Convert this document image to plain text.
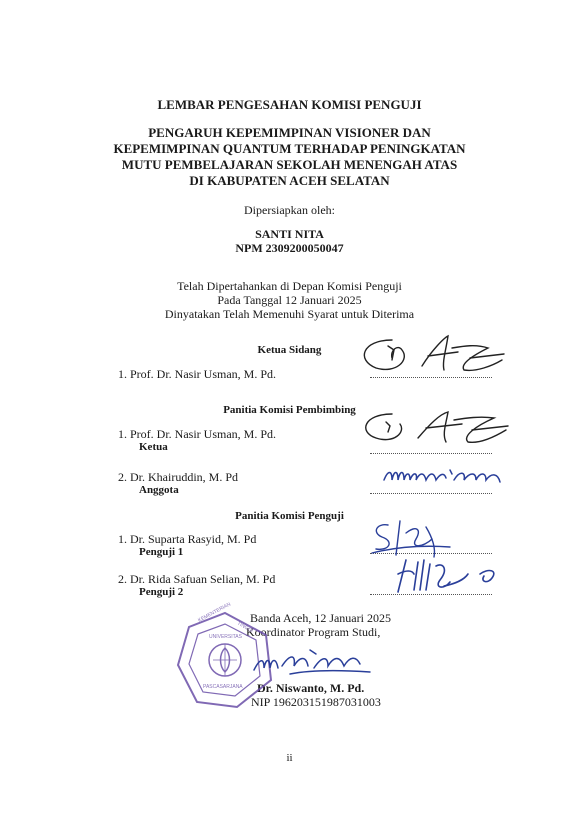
LEMBAR PENGESAHAN KOMISI PENGUJI
PENGARUH KEPEMIMPINAN VISIONER DAN
KEPEMIMPINAN QUANTUM TERHADAP PENINGKATAN
MUTU PEMBELAJARAN SEKOLAH MENENGAH ATAS
DI KABUPATEN ACEH SELATAN
Dipersiapkan oleh:
SANTI NITA
NPM 2309200050047
Telah Dipertahankan di Depan Komisi Penguji
Pada Tanggal 12 Januari 2025
Dinyatakan Telah Memenuhi Syarat untuk Diterima
Ketua Sidang
1. Prof. Dr. Nasir Usman, M. Pd.
Panitia Komisi Pembimbing
1. Prof. Dr. Nasir Usman, M. Pd.
Ketua
2. Dr. Khairuddin, M. Pd
Anggota
Panitia Komisi Penguji
1. Dr. Suparta Rasyid, M. Pd
Penguji 1
2. Dr. Rida Safuan Selian, M. Pd
Penguji 2
Banda Aceh, 12 Januari 2025
Koordinator Program Studi,
Dr. Niswanto, M. Pd.
NIP 196203151987031003
KEMENTERIAN
TINGGI
UNIVERSITAS
PASCASARJANA
ii
